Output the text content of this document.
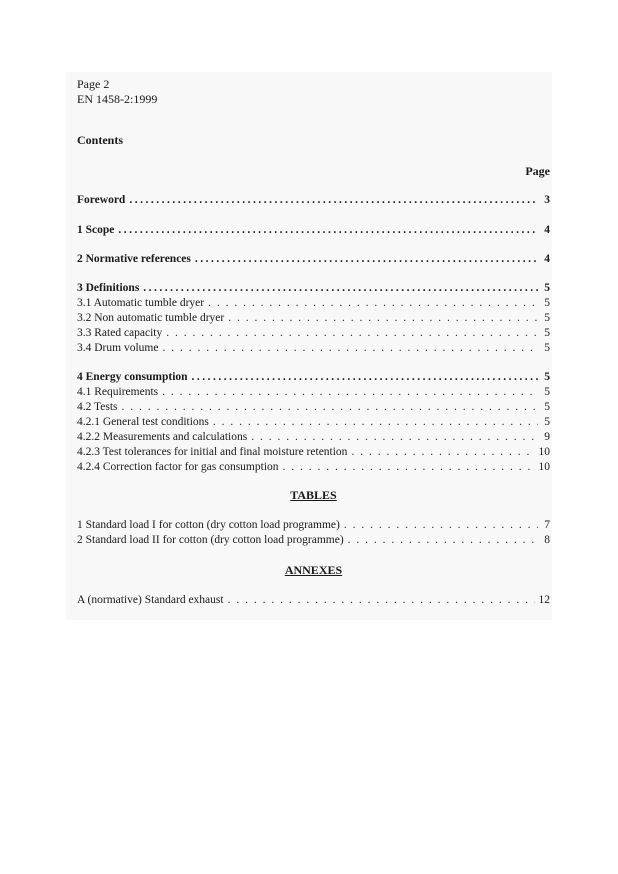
Page 2
EN 1458-2:1999
Contents
Page
Foreword .....	3
1 Scope .....	4
2 Normative references .....	4
3 Definitions .....	5
3.1 Automatic tumble dryer . . .	5
3.2 Non automatic tumble dryer . . .	5
3.3 Rated capacity . . .	5
3.4 Drum volume . . .	5
4 Energy consumption .....	5
4.1 Requirements . . .	5
4.2 Tests . . .	5
4.2.1 General test conditions . . .	5
4.2.2 Measurements and calculations . . .	9
4.2.3 Test tolerances for initial and final moisture retention . . .	10
4.2.4 Correction factor for gas consumption . . .	10
TABLES
1 Standard load I for cotton (dry cotton load programme) . . .	7
2 Standard load II for cotton (dry cotton load programme) . . .	8
ANNEXES
A (normative) Standard exhaust . . .	12
